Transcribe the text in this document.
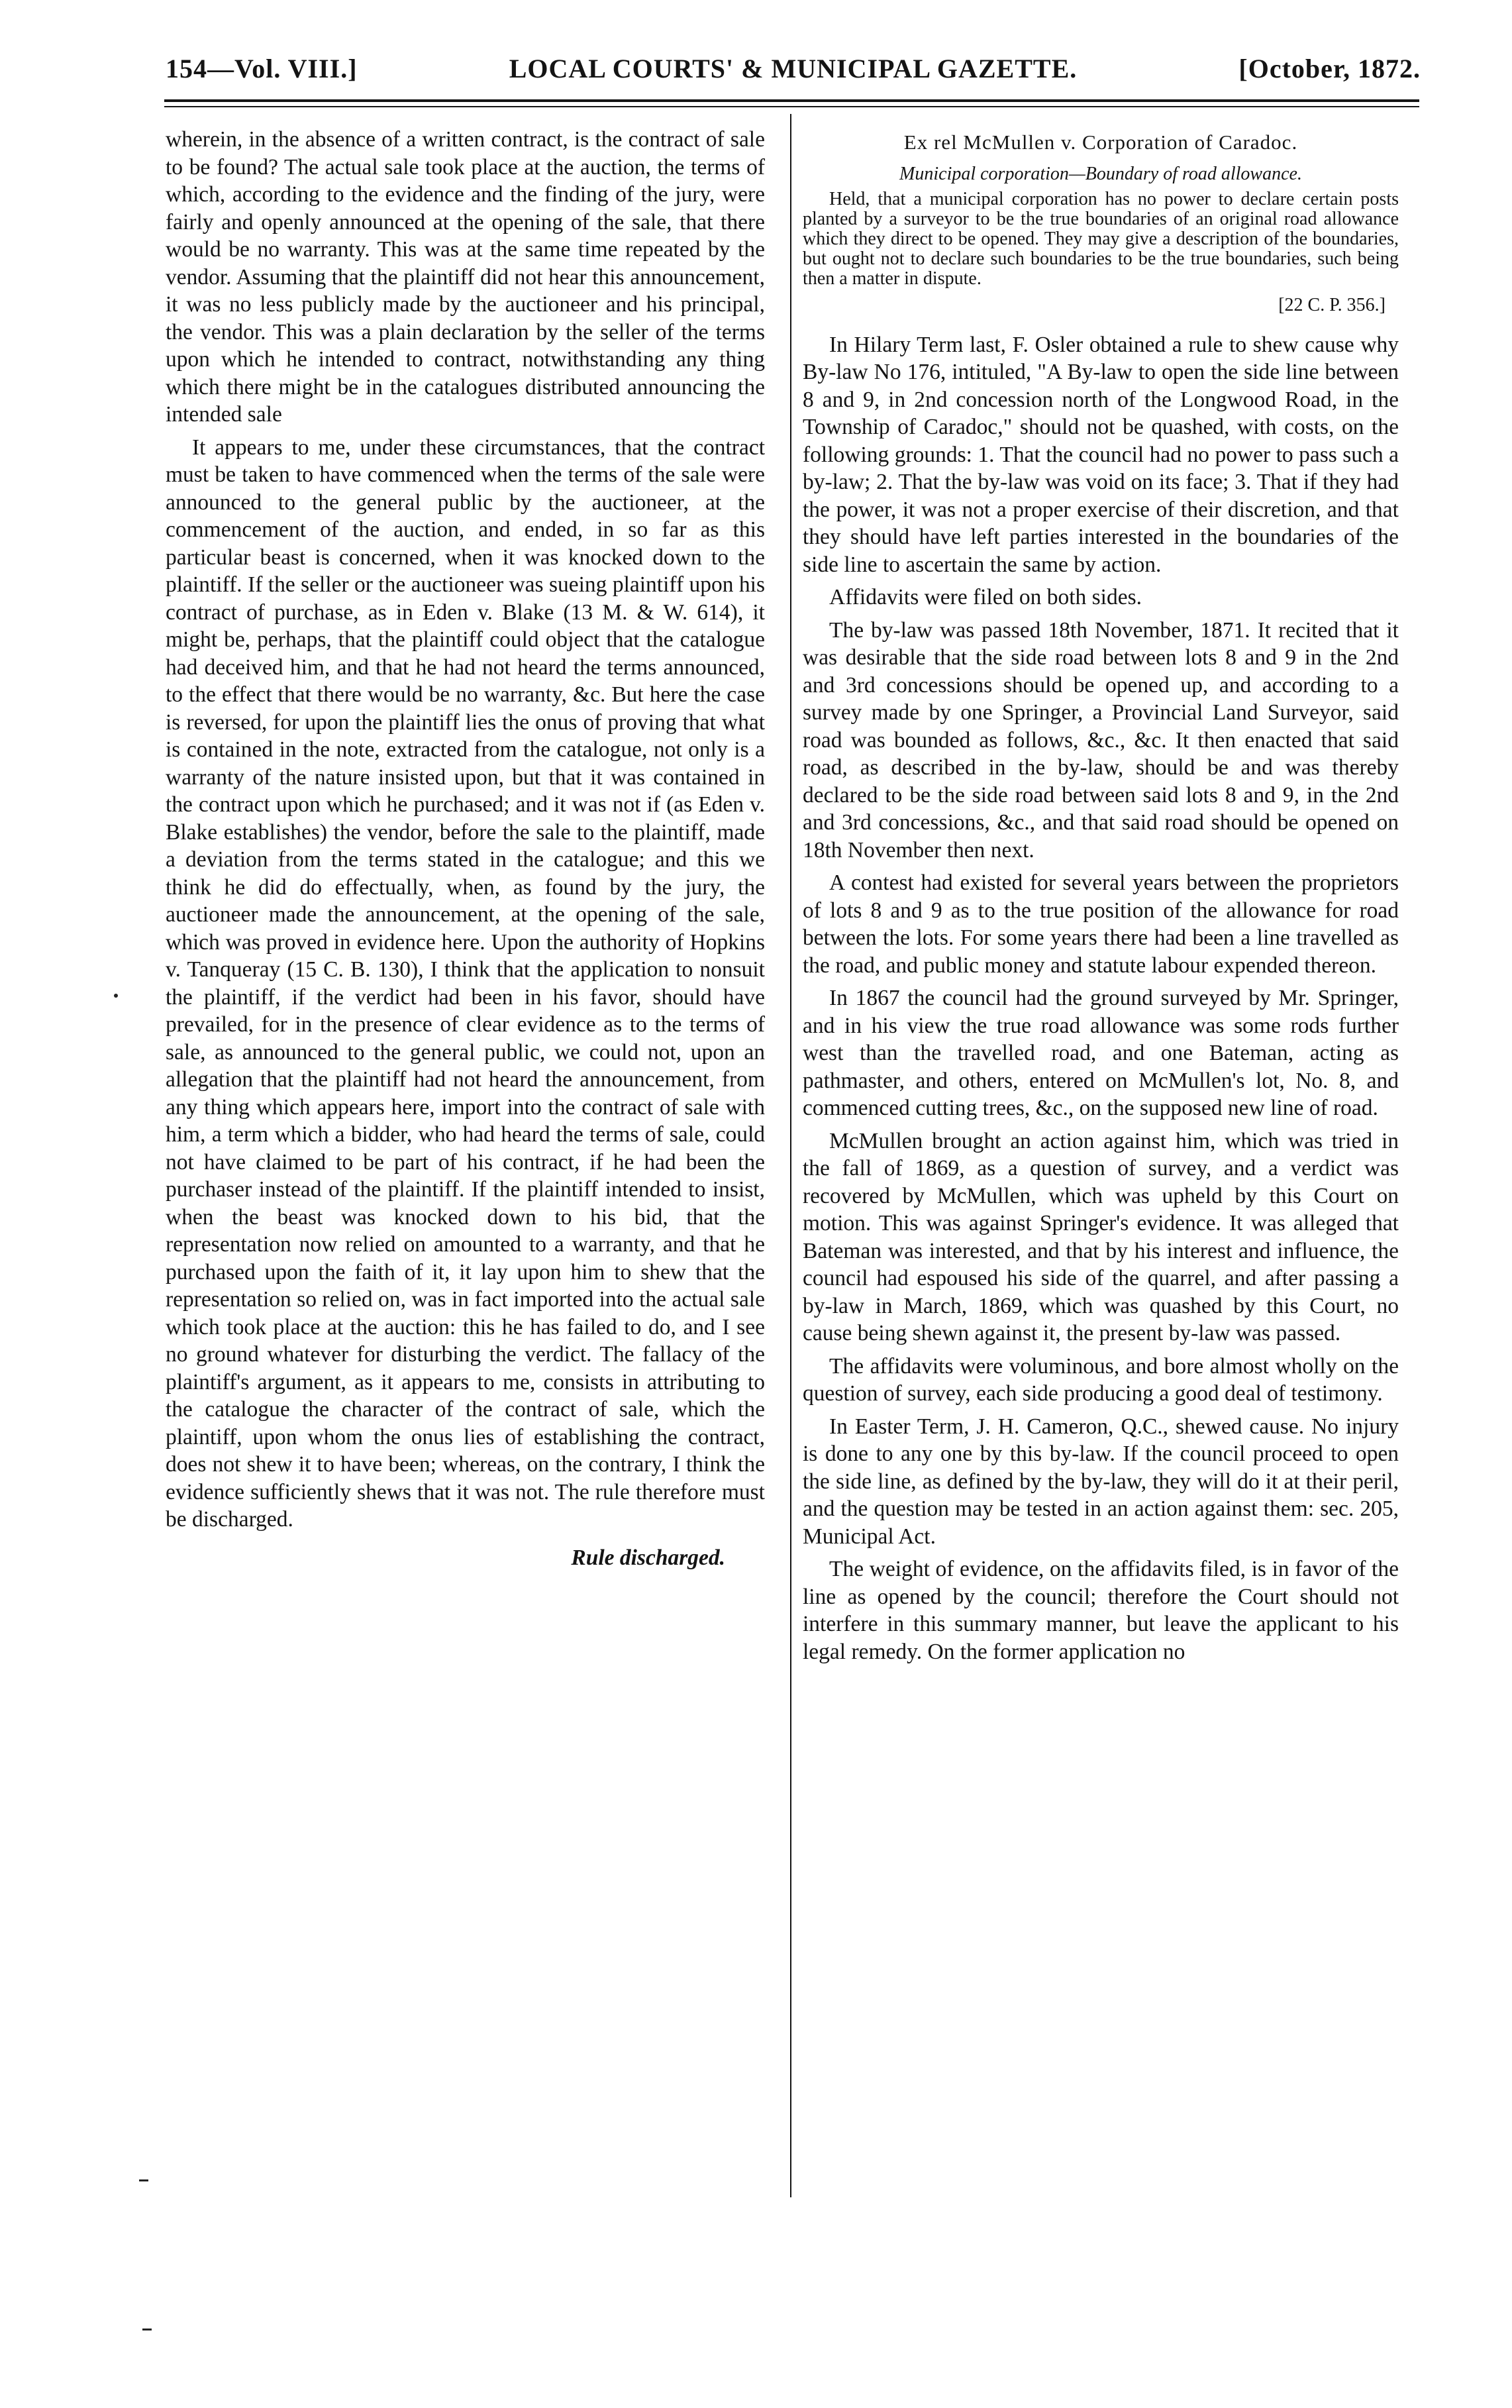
154—Vol. VIII.]	LOCAL COURTS' & MUNICIPAL GAZETTE.	[October, 1872.

wherein, in the absence of a written contract, is the contract of sale to be found? The actual sale took place at the auction, the terms of which, according to the evidence and the finding of the jury, were fairly and openly announced at the opening of the sale, that there would be no warranty. This was at the same time repeated by the vendor. Assuming that the plaintiff did not hear this announcement, it was no less publicly made by the auctioneer and his principal, the vendor. This was a plain declaration by the seller of the terms upon which he intended to contract, notwithstanding any thing which there might be in the catalogues distributed announcing the intended sale

It appears to me, under these circumstances, that the contract must be taken to have commenced when the terms of the sale were announced to the general public by the auctioneer, at the commencement of the auction, and ended, in so far as this particular beast is concerned, when it was knocked down to the plaintiff. If the seller or the auctioneer was sueing plaintiff upon his contract of purchase, as in Eden v. Blake (13 M. & W. 614), it might be, perhaps, that the plaintiff could object that the catalogue had deceived him, and that he had not heard the terms announced, to the effect that there would be no warranty, &c. But here the case is reversed, for upon the plaintiff lies the onus of proving that what is contained in the note, extracted from the catalogue, not only is a warranty of the nature insisted upon, but that it was contained in the contract upon which he purchased; and it was not if (as Eden v. Blake establishes) the vendor, before the sale to the plaintiff, made a deviation from the terms stated in the catalogue; and this we think he did do effectually, when, as found by the jury, the auctioneer made the announcement, at the opening of the sale, which was proved in evidence here. Upon the authority of Hopkins v. Tanqueray (15 C. B. 130), I think that the application to nonsuit the plaintiff, if the verdict had been in his favor, should have prevailed, for in the presence of clear evidence as to the terms of sale, as announced to the general public, we could not, upon an allegation that the plaintiff had not heard the announcement, from any thing which appears here, import into the contract of sale with him, a term which a bidder, who had heard the terms of sale, could not have claimed to be part of his contract, if he had been the purchaser instead of the plaintiff. If the plaintiff intended to insist, when the beast was knocked down to his bid, that the representation now relied on amounted to a warranty, and that he purchased upon the faith of it, it lay upon him to shew that the representation so relied on, was in fact imported into the actual sale which took place at the auction: this he has failed to do, and I see no ground whatever for disturbing the verdict. The fallacy of the plaintiff's argument, as it appears to me, consists in attributing to the catalogue the character of the contract of sale, which the plaintiff, upon whom the onus lies of establishing the contract, does not shew it to have been; whereas, on the contrary, I think the evidence sufficiently shews that it was not. The rule therefore must be discharged.

Rule discharged.
Ex rel McMullen v. Corporation of Caradoc.
Municipal corporation—Boundary of road allowance.

Held, that a municipal corporation has no power to declare certain posts planted by a surveyor to be the true boundaries of an original road allowance which they direct to be opened. They may give a description of the boundaries, but ought not to declare such boundaries to be the true boundaries, such being then a matter in dispute.

[22 C. P. 356.]

In Hilary Term last, F. Osler obtained a rule to shew cause why By-law No 176, intituled, "A By-law to open the side line between 8 and 9, in 2nd concession north of the Longwood Road, in the Township of Caradoc," should not be quashed, with costs, on the following grounds: 1. That the council had no power to pass such a by-law; 2. That the by-law was void on its face; 3. That if they had the power, it was not a proper exercise of their discretion, and that they should have left parties interested in the boundaries of the side line to ascertain the same by action.

Affidavits were filed on both sides.

The by-law was passed 18th November, 1871. It recited that it was desirable that the side road between lots 8 and 9 in the 2nd and 3rd concessions should be opened up, and according to a survey made by one Springer, a Provincial Land Surveyor, said road was bounded as follows, &c., &c. It then enacted that said road, as described in the by-law, should be and was thereby declared to be the side road between said lots 8 and 9, in the 2nd and 3rd concessions, &c., and that said road should be opened on 18th November then next.

A contest had existed for several years between the proprietors of lots 8 and 9 as to the true position of the allowance for road between the lots. For some years there had been a line travelled as the road, and public money and statute labour expended thereon.

In 1867 the council had the ground surveyed by Mr. Springer, and in his view the true road allowance was some rods further west than the travelled road, and one Bateman, acting as pathmaster, and others, entered on McMullen's lot, No. 8, and commenced cutting trees, &c., on the supposed new line of road.

McMullen brought an action against him, which was tried in the fall of 1869, as a question of survey, and a verdict was recovered by McMullen, which was upheld by this Court on motion. This was against Springer's evidence. It was alleged that Bateman was interested, and that by his interest and influence, the council had espoused his side of the quarrel, and after passing a by-law in March, 1869, which was quashed by this Court, no cause being shewn against it, the present by-law was passed.

The affidavits were voluminous, and bore almost wholly on the question of survey, each side producing a good deal of testimony.

In Easter Term, J. H. Cameron, Q.C., shewed cause. No injury is done to any one by this by-law. If the council proceed to open the side line, as defined by the by-law, they will do it at their peril, and the question may be tested in an action against them: sec. 205, Municipal Act.

The weight of evidence, on the affidavits filed, is in favor of the line as opened by the council; therefore the Court should not interfere in this summary manner, but leave the applicant to his legal remedy. On the former application no
